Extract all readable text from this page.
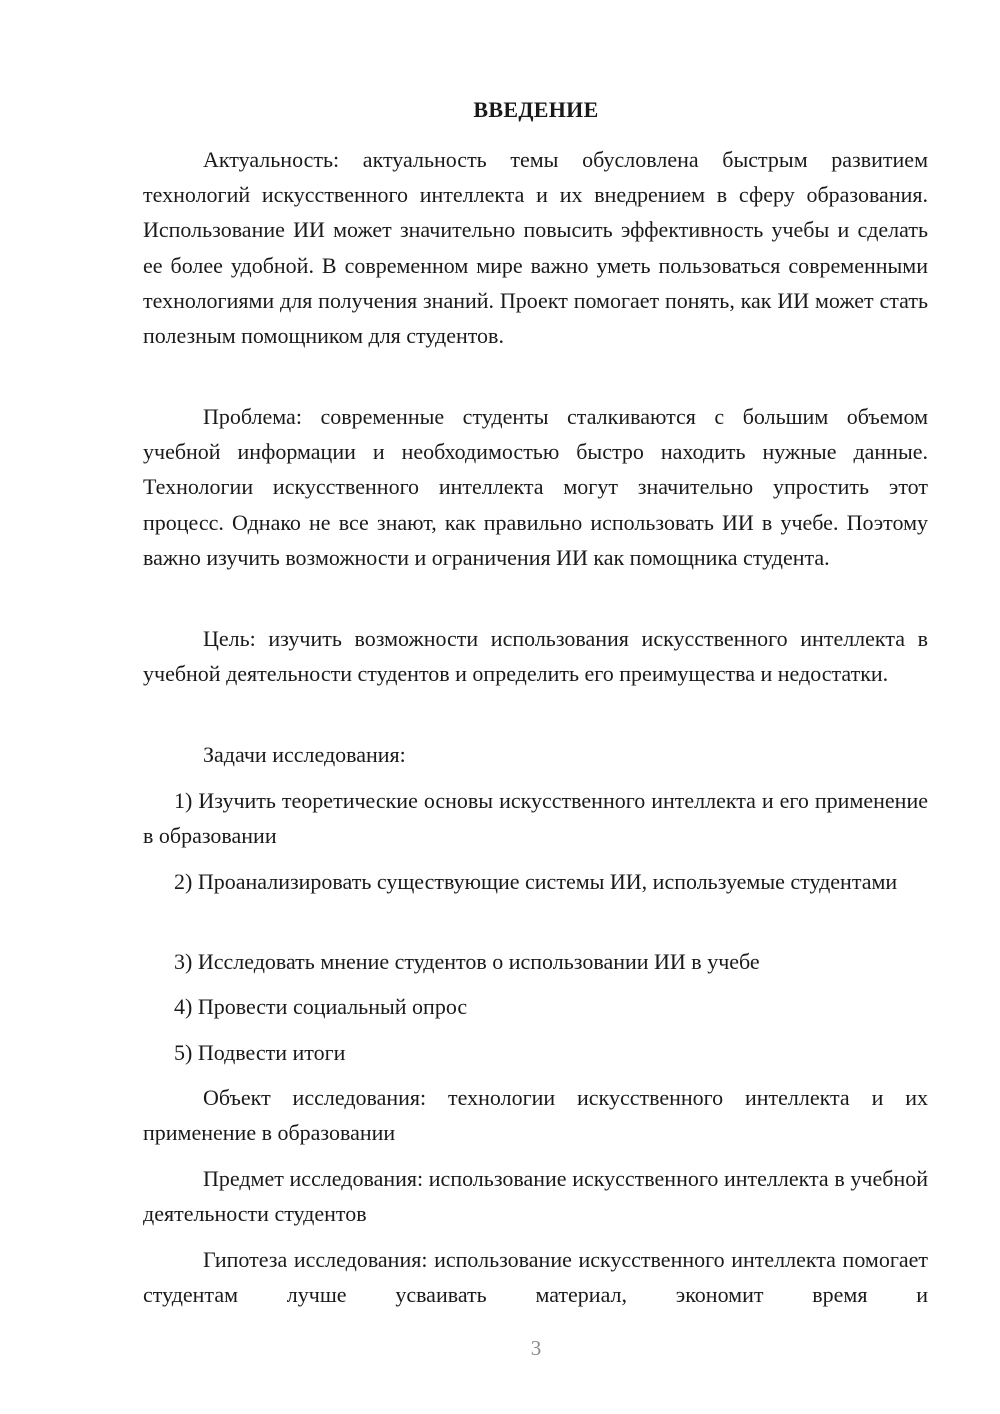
ВВЕДЕНИЕ

Актуальность: актуальность темы обусловлена быстрым развитием технологий искусственного интеллекта и их внедрением в сферу образования. Использование ИИ может значительно повысить эффективность учебы и сделать ее более удобной. В современном мире важно уметь пользоваться современными технологиями для получения знаний. Проект помогает понять, как ИИ может стать полезным помощником для студентов.

Проблема: современные студенты сталкиваются с большим объемом учебной информации и необходимостью быстро находить нужные данные. Технологии искусственного интеллекта могут значительно упростить этот процесс. Однако не все знают, как правильно использовать ИИ в учебе. Поэтому важно изучить возможности и ограничения ИИ как помощника студента.

Цель: изучить возможности использования искусственного интеллекта в учебной деятельности студентов и определить его преимущества и недостатки.

Задачи исследования:

1) Изучить теоретические основы искусственного интеллекта и его применение в образовании

2) Проанализировать существующие системы ИИ, используемые студентами

3) Исследовать мнение студентов о использовании ИИ в учебе

4) Провести социальный опрос

5) Подвести итоги

Объект исследования: технологии искусственного интеллекта и их применение в образовании

Предмет исследования: использование искусственного интеллекта в учебной деятельности студентов

Гипотеза исследования: использование искусственного интеллекта помогает студентам лучше усваивать материал, экономит время и

3
